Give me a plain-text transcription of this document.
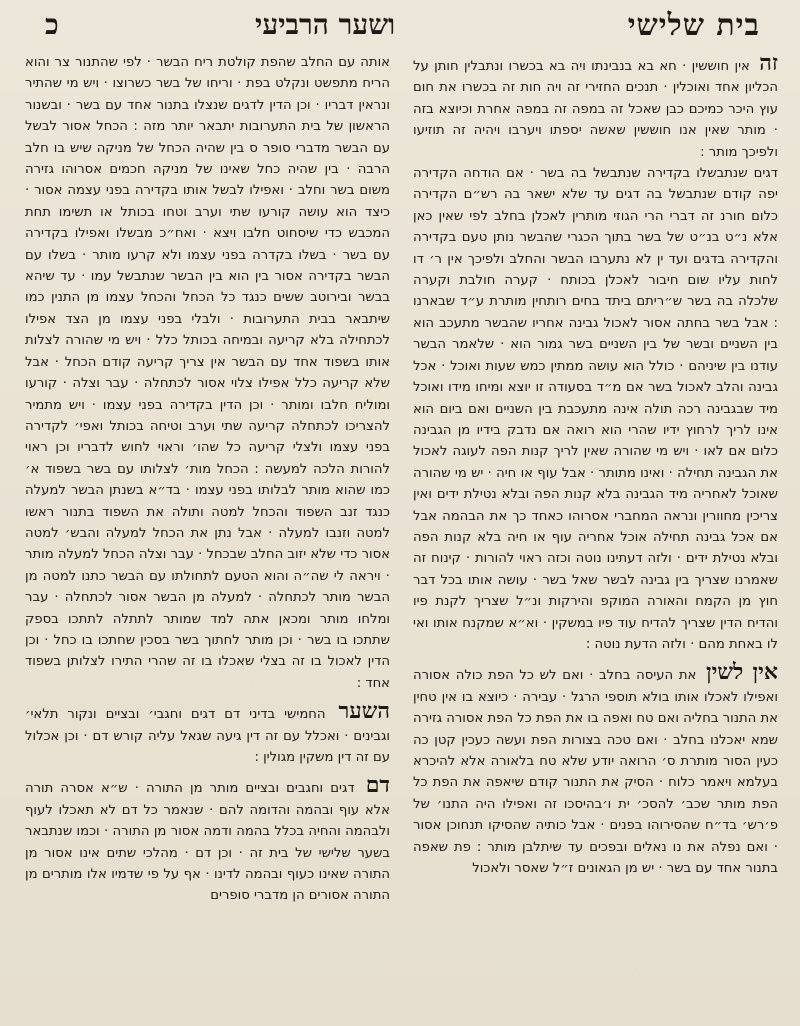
בית שלישי
ושער הרביעי
כ

זה אין חוששין · חא בא בנבינתו ויה בא בכשרו ונתבלין חותן על הכליון אחד ואוכלין · תנכים החזירי זה ויה חות זה בכשרו את חום עוץ היכר כמיכם כבן שאכל זה במפה זה במפה אחרת וכיוצא בזה · מותר שאין אנו חוששין שאשה יספתו ויערבו ויהיה זה תוזיעו ולפיכך מותר :

דגים שנתבשלו בקדירה שנתבשל בה בשר · אם הודחה הקדירה יפה קודם שנתבשל בה דגים עד שלא ישאר בה רש״ם הקדירה כלום חורנ זה דברי הרי הגוזי מותרין לאכלן בחלב לפי שאין כאן אלא נ״ט בנ״ט של בשר בתוך הכגרי שהבשר נותן טעם בקדירה והקדירה בדגים ועד ין לא נתערבו הבשר והחלב ולפיכך אין ר׳ דו לחות עליו שום חיבור לאכלן בכותח · קערה חולבת וקערה שלכלה בה בשר ש״ריתם ביתד בחים רותחין מותרת ע״ד שבארנו : אבל בשר בחתה אסור לאכול גבינה אחריו שהבשר מתעכב הוא בין השניים ובשר של בין השניים בשר גמור הוא · שלאמר הבשר עודנו בין שיניהם · כולל הוא עושה ממתין כמש שעות ואוכל · אכל גבינה והלב לאכול בשר אם מ״ד בסעודה זו יוצא ומיחו מידו ואוכל מיד שבגבינה רכה תולה אינה מתעכבת בין השניים ואם ביום הוא אינו לריך לרחוץ ידיו שהרי הוא רואה אם נדבק בידיו מן הגבינה כלום אם לאו · ויש מי שהורה שאין לריך קנות הפה לעוגה לאכול את הגבינה תחילה · ואינו מתותר · אבל עוף או חיה · יש מי שהורה שאוכל לאחריה מיד הגבינה בלא קנות הפה ובלא נטילת ידים ואין צריכין מחוורין ונראה המחברי אסרוהו כאחד כך את הבהמה אבל אם אכל גבינה תחילה אוכל אחריה עוף או חיה בלא קנות הפה ובלא נטילת ידים · ולזה דעתינו נוטה וכזה ראוי להורות · קינוח זה שאמרנו שצריך בין גבינה לבשר שאל בשר · עושה אותו בכל דבר חוץ מן הקמח והאורה המוקפ והירקות ונ״ל שצריך לקנת פיו והדיח הדין שצריך להדיח עוד פיו במשקין · וא״א שמקנח אותו ואי לו באחת מהם · ולזה הדעת נוטה :

אין לשין את העיסה בחלב · ואם לש כל הפת כולה אסורה ואפילו לאכלו אותו בולא תוספי הרגל · עבירה · כיוצא בו אין טחין את התנור בחליה ואם טח ואפה בו את הפת כל הפת אסורה גזירה שמא יאכלנו בחלב · ואם טכה בצורות הפת ועשה כעכין קטן כה כעין הסור מותרת ס׳ הרואה יודע שלא טח בלאורה אלא להיכרא בעלמא ויאמר כלוח · הסיק את התנור קודם שיאפה את הפת כל הפת מותר שכב׳ להסכ׳ ית ו׳בהיסכו זה ואפילו היה התנו׳ של פ׳רש׳ בד״ח שהסירוהו בפנים · אבל כותיה שהסיקו תנחוכן אסור · ואם נפלה את נו נאלים ובפכים עד שיתלבן מותר : פת שאפה בתנור אחד עם בשר · יש מן הגאונים ז״ל שאסר ולאכול

אותה עם החלב שהפת קולטת ריח הבשר · לפי שהתנור צר והוא הריח מתפשט ונקלט בפת · וריחו של בשר כשרוצו · ויש מי שהתיר ונראין דבריו · וכן הדין לדגים שנצלו בתנור אחד עם בשר · ובשנור הראשון של בית התערובות יתבאר יותר מזה : הכחל אסור לבשל עם הבשר מדברי סופר ס בין שהיה הכחל של מניקה שיש בו חלב הרבה · בין שהיה כחל שאינו של מניקה חכמים אסרוהו גזירה משום בשר וחלב · ואפילו לבשל אותו בקדירה בפני עצמה אסור · כיצד הוא עושה קורעו שתי וערב וטחו בכותל או תשימו תחת המכבש כדי שיסחוט חלבו ויצא · ואח״כ מבשלו ואפילו בקדירה עם בשר · בשלו בקדרה בפני עצמו ולא קרעו מותר · בשלו עם הבשר בקדירה אסור בין הוא בין הבשר שנתבשל עמו · עד שיהא בבשר ובירוטב ששים כנגד כל הכחל והכחל עצמו מן התנין כמו שיתבאר בבית התערובות · ולבלי בפני עצמו מן הצד אפילו לכתחילה בלא קריעה ובמיחה בכותל כלל · ויש מי שהורה לצלות אותו בשפוד אחד עם הבשר אין צריך קריעה קודם הכחל · אבל שלא קריעה כלל אפילו צלוי אסור לכתחלה · עבר וצלה · קורעו ומוליח חלבו ומותר · וכן הדין בקדירה בפני עצמו · ויש מתמיר להצריכו לכתחלה קריעה שתי וערב וטיחה בכותל ואפי׳ לקדירה בפני עצמו ולצלי קריעה כל שהו׳ וראוי לחוש לדבריו וכן ראוי להורות הלכה למעשה : הכחל מות׳ לצלותו עם בשר בשפוד א׳ כמו שהוא מותר לבלותו בפני עצמו · בד״א בשנתן הבשר למעלה כנגד זנב השפוד והכחל למטה ותולה את השפוד בתנור ראשו למטה וזנבו למעלה · אבל נתן את הכחל למעלה והבש׳ למטה אסור כדי שלא יזוב החלב שבכחל · עבר וצלה הכחל למעלה מותר · ויראה לי שה״ה והוא הטעם לתחולתו עם הבשר כתנו למטה מן הבשר מותר לכתחלה · למעלה מן הבשר אסור לכתחלה · עבר ומלחו מותר ומכאן אתה למד שמותר לתתלה לתתכו בספק שתתכו בו בשר · וכן מותר לחתוך בשר בסכין שחתכו בו כחל · וכן הדין לאכול בו זה בצלי שאכלו בו זה שהרי התירו לצלותן בשפוד אחד :

השער החמישי בדיני דם דגים וחגבי׳ ובציים ונקור תלאי׳ וגבינים · ואכלל עם זה דין גיעה שגאל עליה קורש דם · וכן אכלול עם זה דין משקין מגולין :

דם דגים וחגבים ובציים מותר מן התורה · ש״א אסרה תורה אלא עוף ובהמה והדומה להם · שנאמר כל דם לא תאכלו לעוף ולבהמה והחיה בכלל בהמה ודמה אסור מן התורה · וכמו שנתבאר בשער שלישי של בית זה · וכן דם · מהלכי שתים אינו אסור מן התורה שאינו כעוף ובהמה לדינו · אף על פי שדמיו אלו מותרים מן התורה אסורים הן מדברי סופרים
